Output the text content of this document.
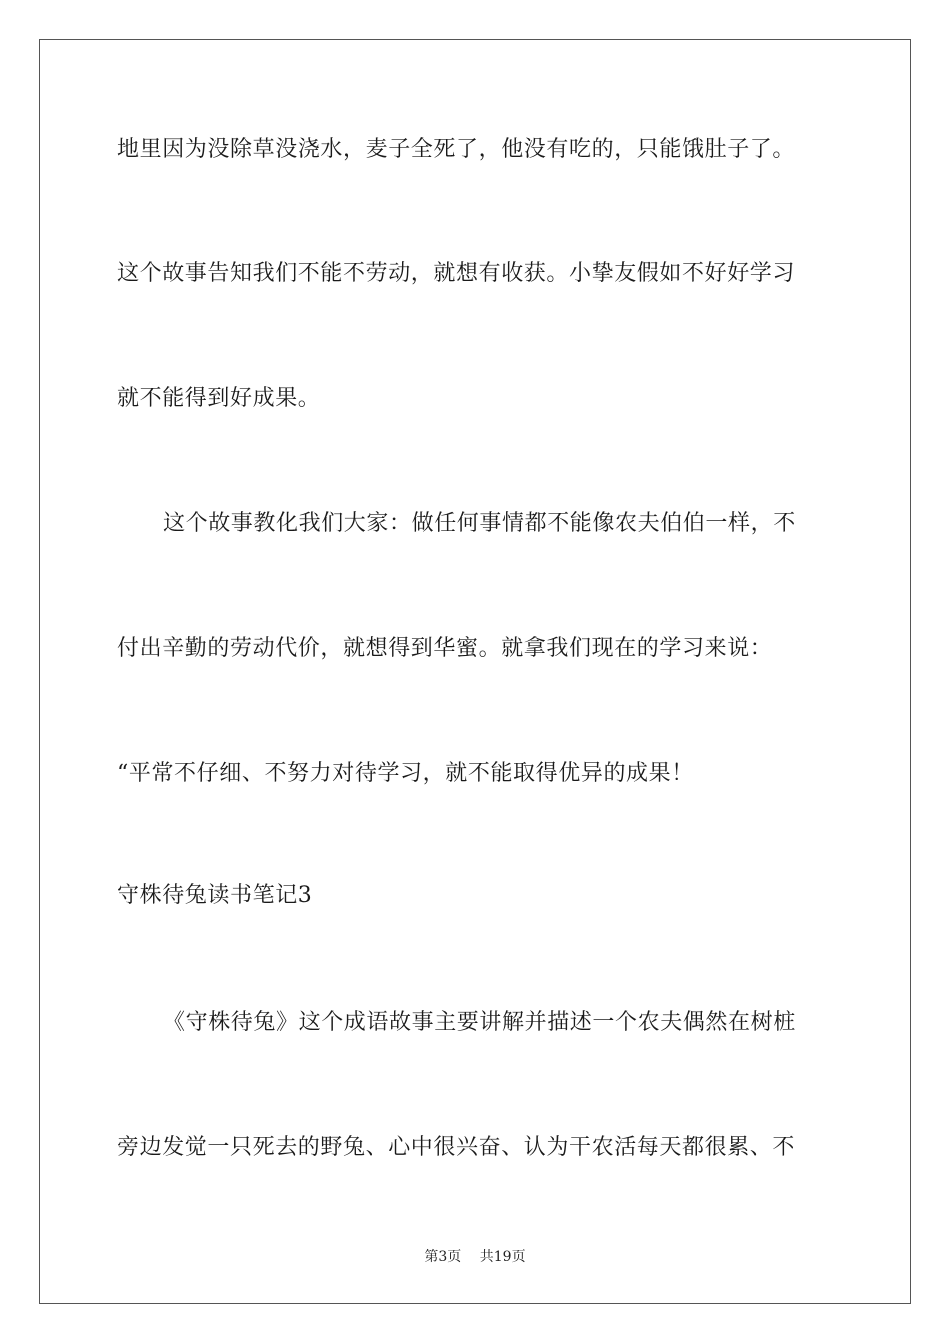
地里因为没除草没浇水，麦子全死了，他没有吃的，只能饿肚子了。
这个故事告知我们不能不劳动，就想有收获。小挚友假如不好好学习
就不能得到好成果。
这个故事教化我们大家：做任何事情都不能像农夫伯伯一样，不
付出辛勤的劳动代价，就想得到华蜜。就拿我们现在的学习来说：
“平常不仔细、不努力对待学习，就不能取得优异的成果！
守株待兔读书笔记3
《守株待兔》这个成语故事主要讲解并描述一个农夫偶然在树桩
旁边发觉一只死去的野兔、心中很兴奋、认为干农活每天都很累、不
第3页 共19页
